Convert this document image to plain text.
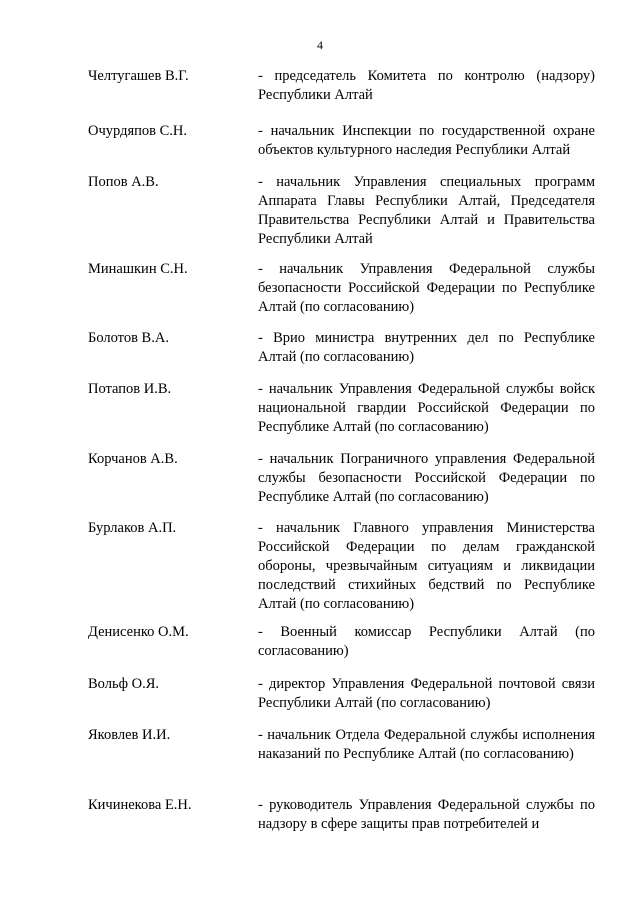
4
Челтугашев В.Г.	- председатель Комитета по контролю (надзору) Республики Алтай
Очурдяпов С.Н.	- начальник Инспекции по государственной охране объектов культурного наследия Республики Алтай
Попов А.В.	- начальник Управления специальных программ Аппарата Главы Республики Алтай, Председателя Правительства Республики Алтай и Правительства Республики Алтай
Минашкин С.Н.	- начальник Управления Федеральной службы безопасности Российской Федерации по Республике Алтай (по согласованию)
Болотов В.А.	- Врио министра внутренних дел по Республике Алтай (по согласованию)
Потапов И.В.	- начальник Управления Федеральной службы войск национальной гвардии Российской Федерации по Республике Алтай (по согласованию)
Корчанов А.В.	- начальник Пограничного управления Федеральной службы безопасности Российской Федерации по Республике Алтай (по согласованию)
Бурлаков А.П.	- начальник Главного управления Министерства Российской Федерации по делам гражданской обороны, чрезвычайным ситуациям и ликвидации последствий стихийных бедствий по Республике Алтай (по согласованию)
Денисенко О.М.	- Военный комиссар Республики Алтай (по согласованию)
Вольф О.Я.	- директор Управления Федеральной почтовой связи Республики Алтай (по согласованию)
Яковлев И.И.	- начальник Отдела Федеральной службы исполнения наказаний по Республике Алтай (по согласованию)
Кичинекова Е.Н.	- руководитель Управления Федеральной службы по надзору в сфере защиты прав потребителей и
